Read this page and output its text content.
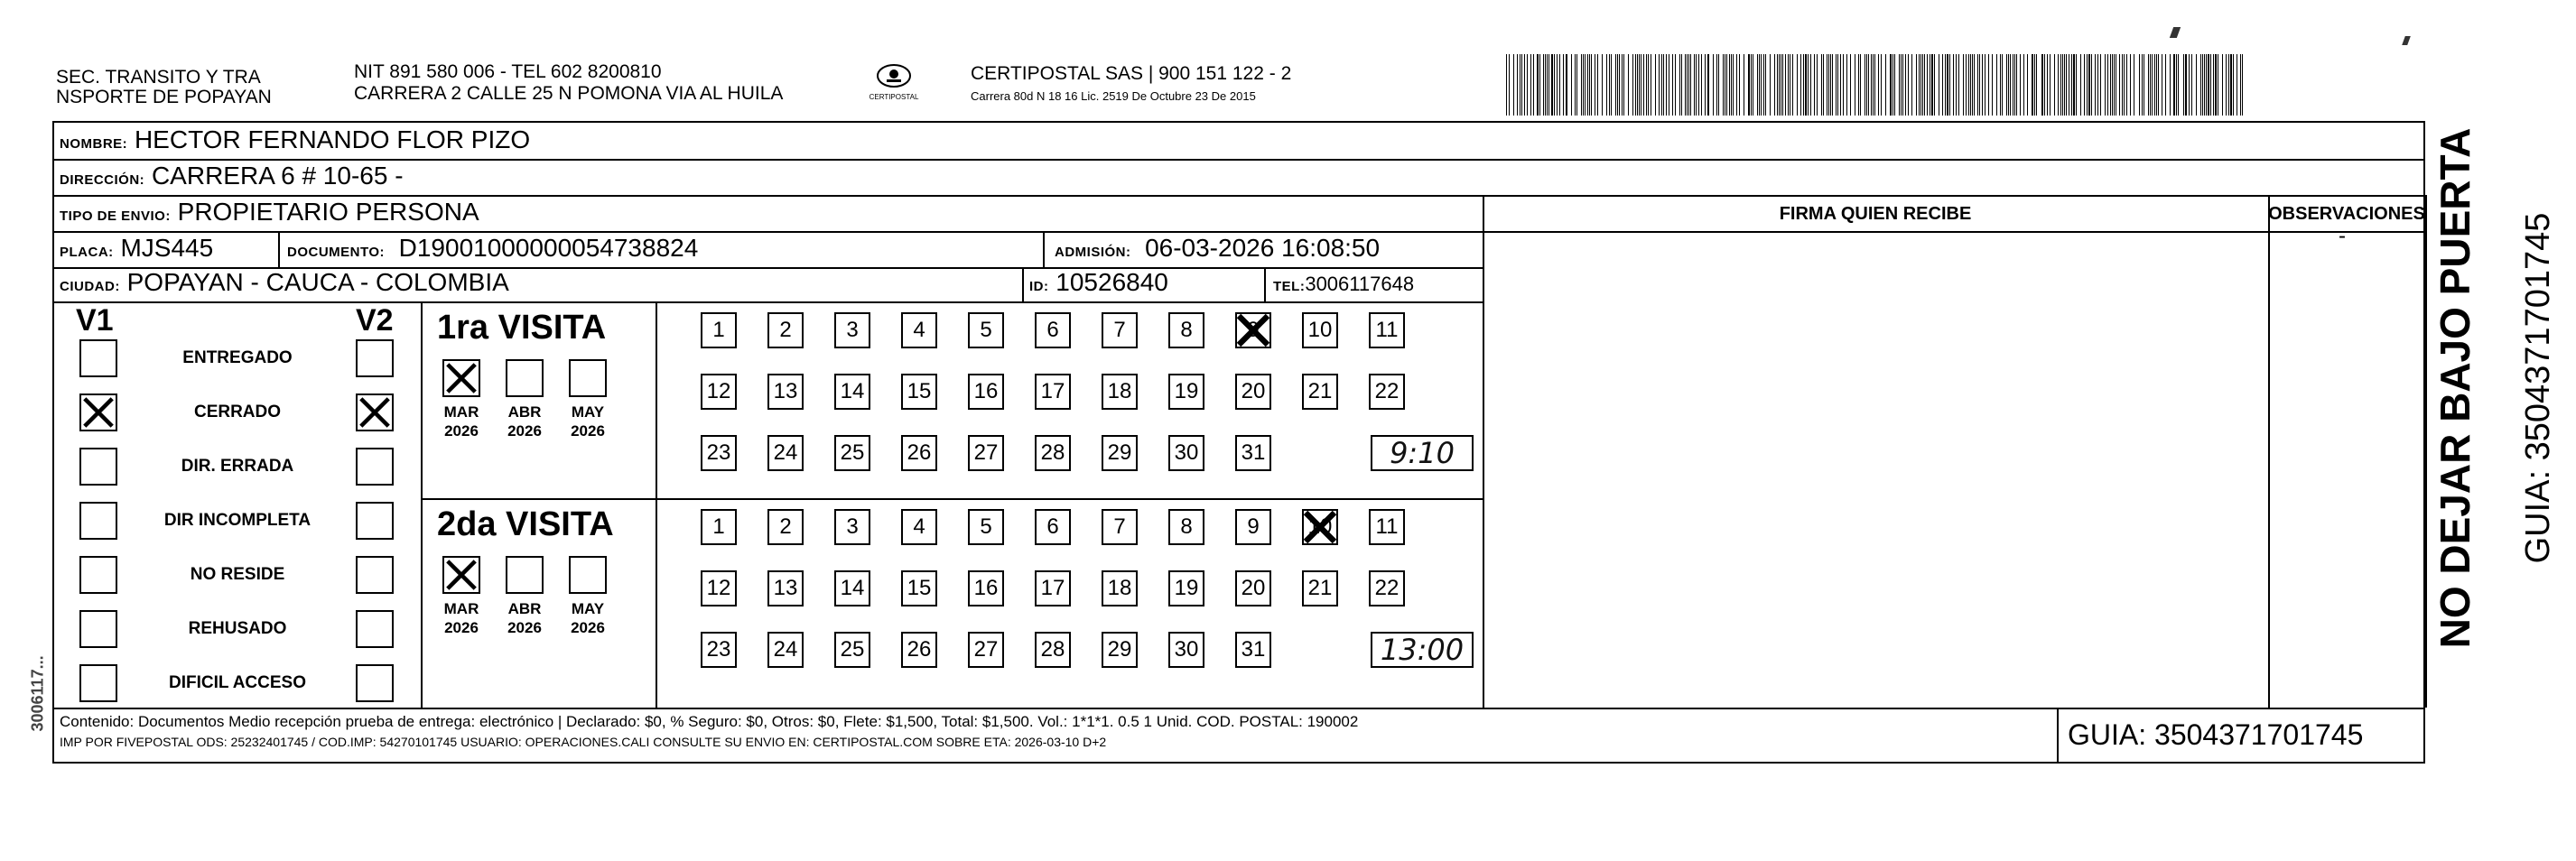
3006117...
SEC. TRANSITO Y TRA
NSPORTE DE POPAYAN
NIT 891 580 006 - TEL 602 8200810
CARRERA 2 CALLE 25 N POMONA VIA AL HUILA	CERTIPOSTAL
CERTIPOSTAL SAS | 900 151 122 - 2
Carrera 80d N 18 16 Lic. 2519 De Octubre 23 De 2015
NOMBRE: HECTOR FERNANDO FLOR PIZO
DIRECCIÓN: CARRERA 6 # 10-65 -
TIPO DE ENVIO: PROPIETARIO PERSONA	FIRMA QUIEN RECIBE	OBSERVACIONES
-
PLACA: MJS445	DOCUMENTO: D19001000000054738824	ADMISIÓN: 06-03-2026 16:08:50
CIUDAD: POPAYAN - CAUCA - COLOMBIA	ID: 10526840	TEL:3006117648
V1	V2
ENTREGADO
CERRADO
DIR. ERRADA
DIR INCOMPLETA
NO RESIDE
REHUSADO
DIFICIL ACCESO
1ra VISITA
MAR
2026
ABR
2026
MAY
2026
1	2	3	4	5	6	7	8	9	10	11
12 13 14 15 16 17 18 19 20 21 22
23 24 25 26 27 28 29 30 31	9:10
2da VISITA
MAR
2026
ABR
2026
MAY
2026
1	2	3	4	5	6	7	8	9	10	11
12 13 14 15 16 17 18 19 20 21 22
23 24 25 26 27 28 29 30 31	13:00
Contenido: Documentos Medio recepción prueba de entrega: electrónico | Declarado: $0, % Seguro: $0, Otros: $0, Flete: $1,500, Total: $1,500. Vol.: 1*1*1. 0.5 1 Unid. COD. POSTAL: 190002
IMP POR FIVEPOSTAL ODS: 25232401745 / COD.IMP: 54270101745 USUARIO: OPERACIONES.CALI CONSULTE SU ENVIO EN: CERTIPOSTAL.COM SOBRE ETA: 2026-03-10 D+2	GUIA: 3504371701745
NO DEJAR BAJO PUERTA GUIA: 3504371701745
